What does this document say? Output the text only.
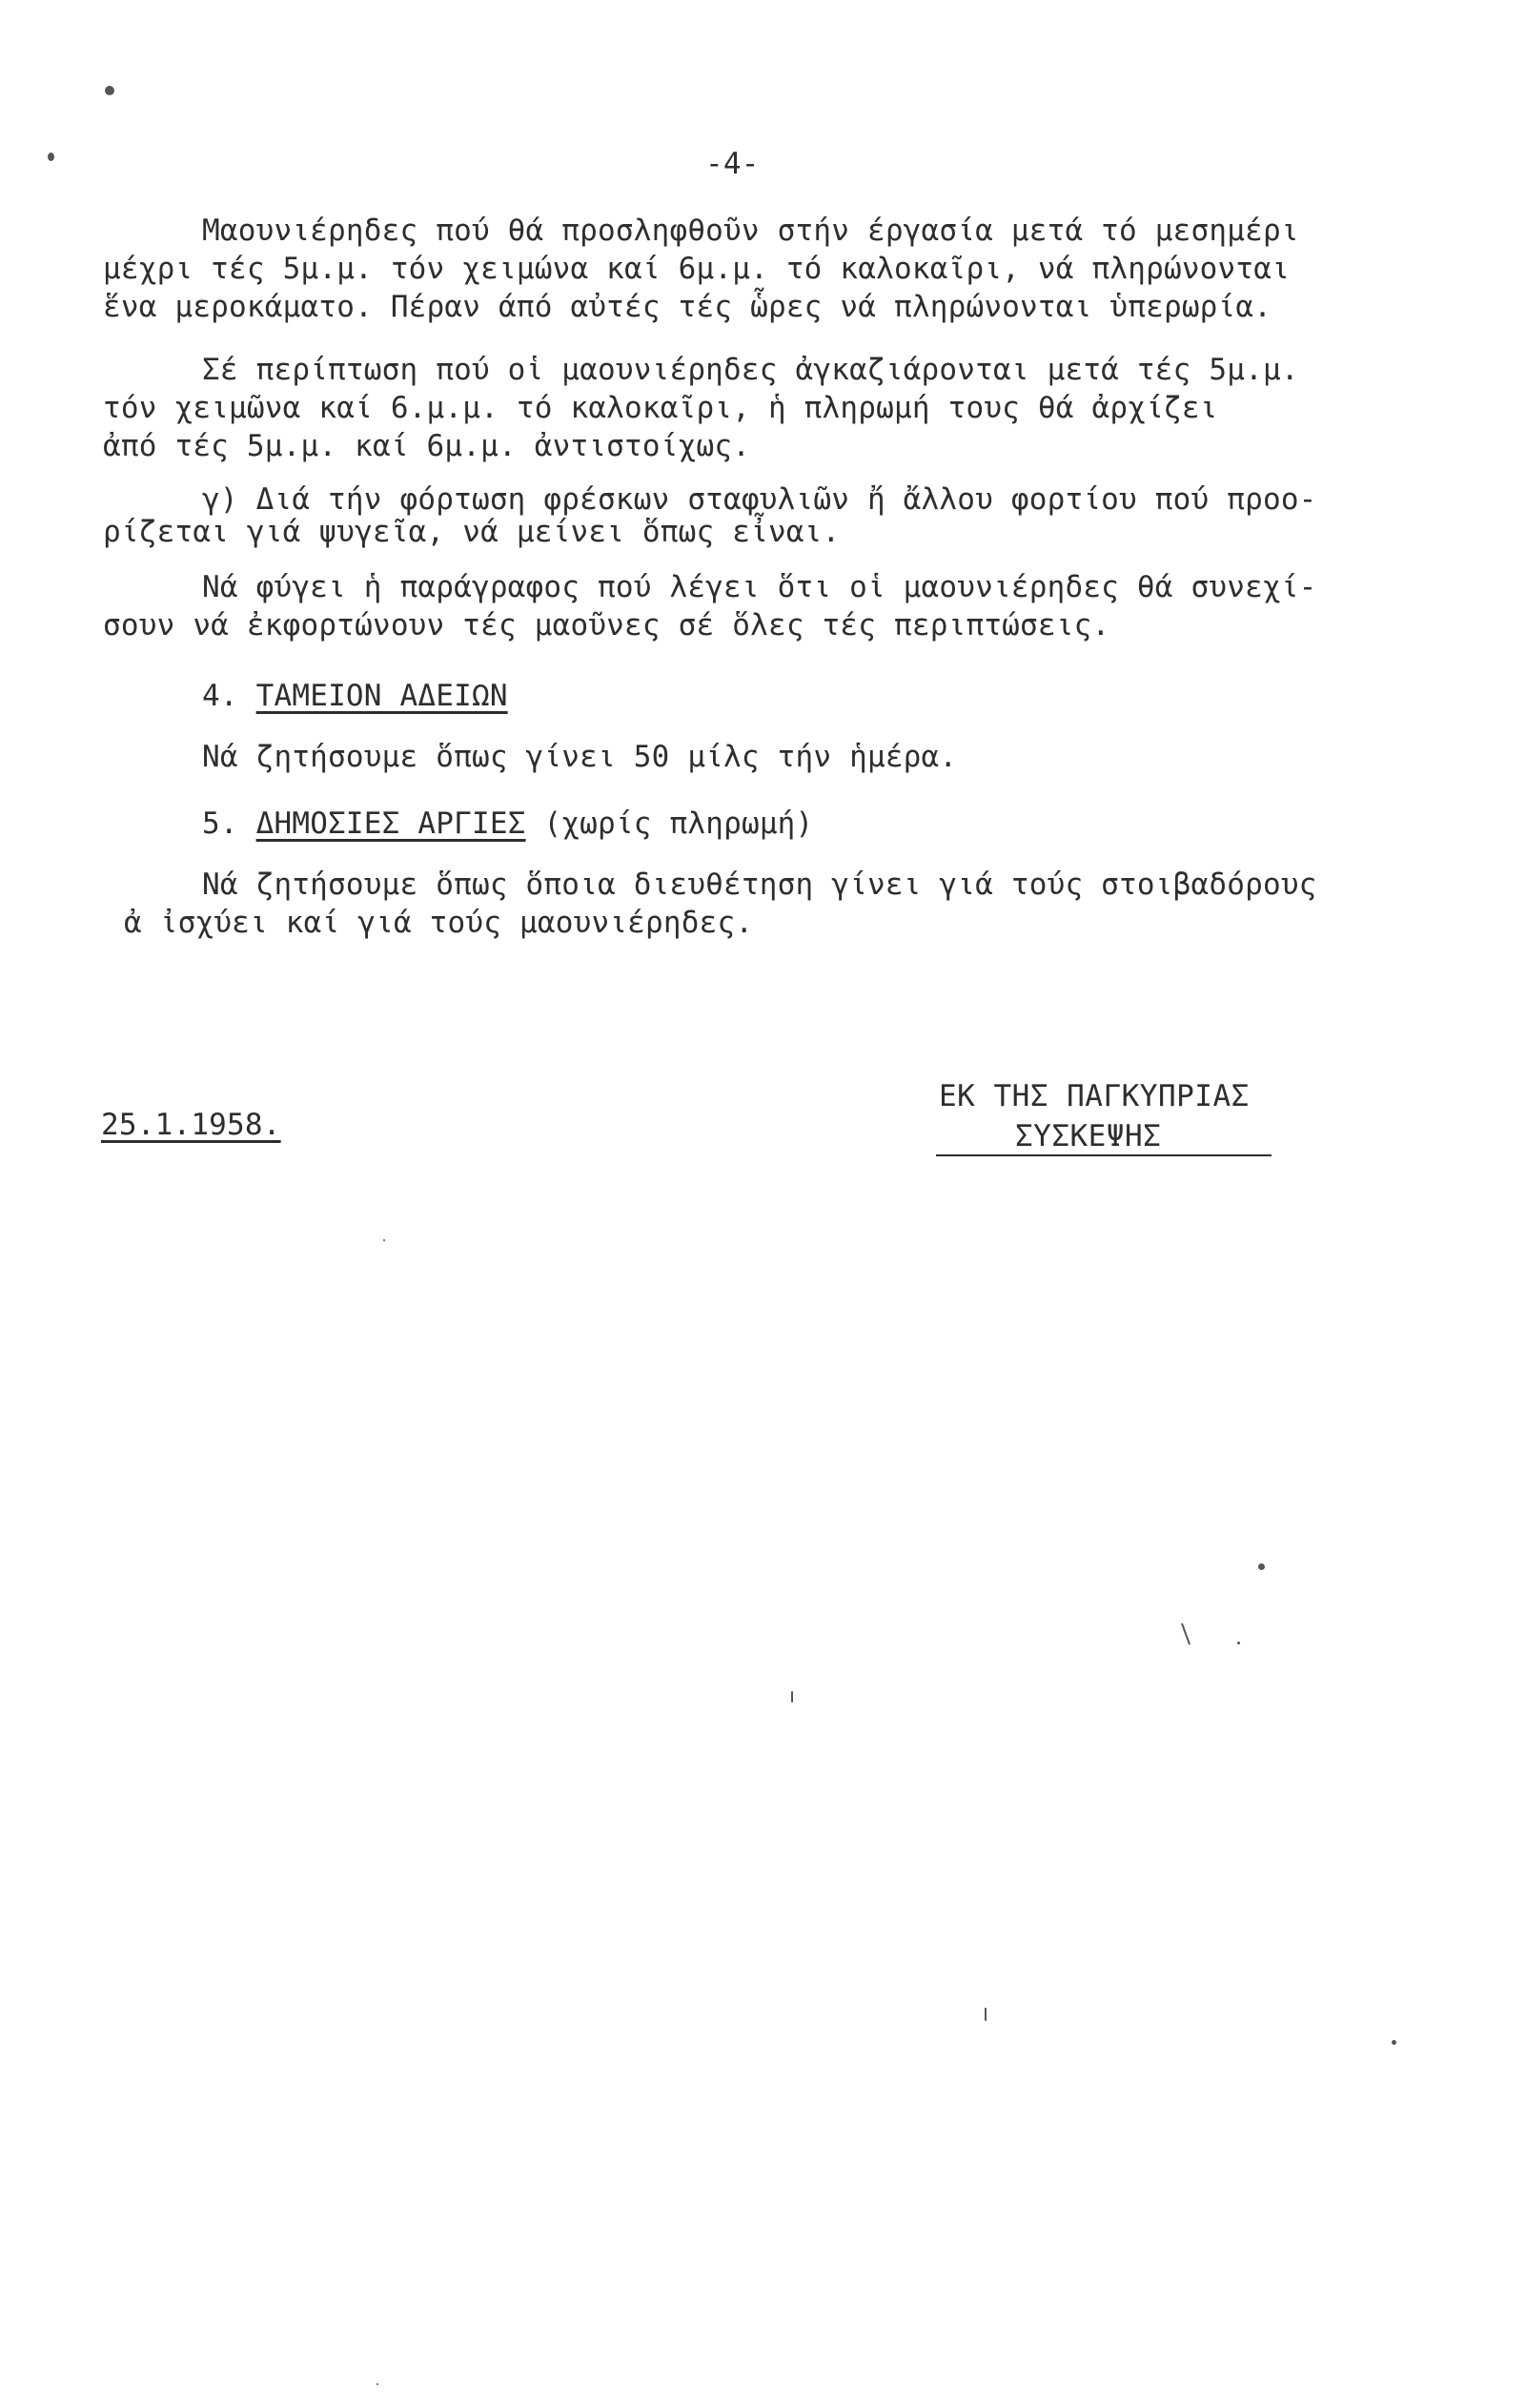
-4-
Μαουνιέρηδες πού θά προσληφθοῦν στήν έργασία μετά τό μεσημέρι
μέχρι τές 5μ.μ. τόν χειμώνα καί 6μ.μ. τό καλοκαῖρι, νά πληρώνονται
ἕνα μεροκάματο. Πέραν άπό αὐτές τές ὧρες νά πληρώνονται ὑπερωρία.
Σέ περίπτωση πού οἱ μαουνιέρηδες ἀγκαζιάρονται μετά τές 5μ.μ.
τόν χειμῶνα καί 6.μ.μ. τό καλοκαῖρι, ἡ πληρωμή τους θά ἀρχίζει
ἀπό τές 5μ.μ. καί 6μ.μ. ἀντιστοίχως.
γ) Διά τήν φόρτωση φρέσκων σταφυλιῶν ἤ ἄλλου φορτίου πού προο-
ρίζεται γιά ψυγεῖα, νά μείνει ὅπως εἶναι.
Νά φύγει ἡ παράγραφος πού λέγει ὅτι οἱ μαουνιέρηδες θά συνεχί-
σουν νά ἐκφορτώνουν τές μαοῦνες σέ ὅλες τές περιπτώσεις.
4. ΤΑΜΕΙΟΝ ΑΔΕΙΩΝ
Νά ζητήσουμε ὅπως γίνει 50 μίλς τήν ἡμέρα.
5. ΔΗΜΟΣΙΕΣ ΑΡΓΙΕΣ (χωρίς πληρωμή)
Νά ζητήσουμε ὅπως ὅποια διευθέτηση γίνει γιά τούς στοιβαδόρους
ἀ ἰσχύει καί γιά τούς μαουνιέρηδες.
25.1.1958.
ΕΚ ΤΗΣ ΠΑΓΚΥΠΡΙΑΣ
ΣΥΣΚΕΨΗΣ
